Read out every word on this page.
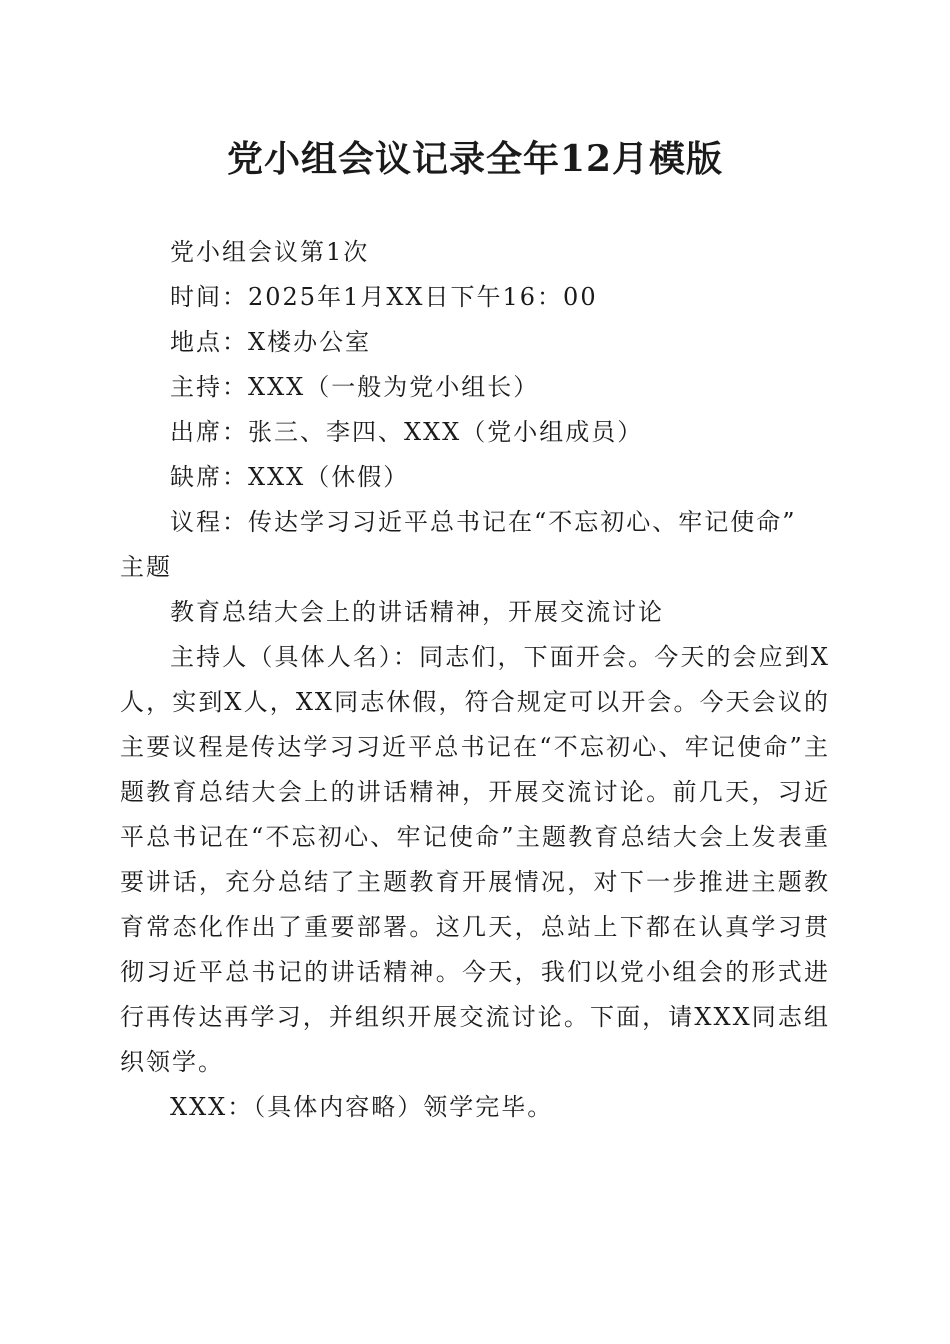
党小组会议记录全年12月模版

党小组会议第1次

时间：2025年1月XX日下午16：00

地点：X楼办公室

主持：XXX（一般为党小组长）

出席：张三、李四、XXX（党小组成员）

缺席：XXX（休假）

议程：传达学习习近平总书记在“不忘初心、牢记使命”

主题

教育总结大会上的讲话精神，开展交流讨论

主持人（具体人名）：同志们，下面开会。今天的会应到X人，实到X人，XX同志休假，符合规定可以开会。今天会议的主要议程是传达学习习近平总书记在“不忘初心、牢记使命”主题教育总结大会上的讲话精神，开展交流讨论。前几天，习近平总书记在“不忘初心、牢记使命”主题教育总结大会上发表重要讲话，充分总结了主题教育开展情况，对下一步推进主题教育常态化作出了重要部署。这几天，总站上下都在认真学习贯彻习近平总书记的讲话精神。今天，我们以党小组会的形式进行再传达再学习，并组织开展交流讨论。下面，请XXX同志组织领学。

XXX：（具体内容略）领学完毕。
